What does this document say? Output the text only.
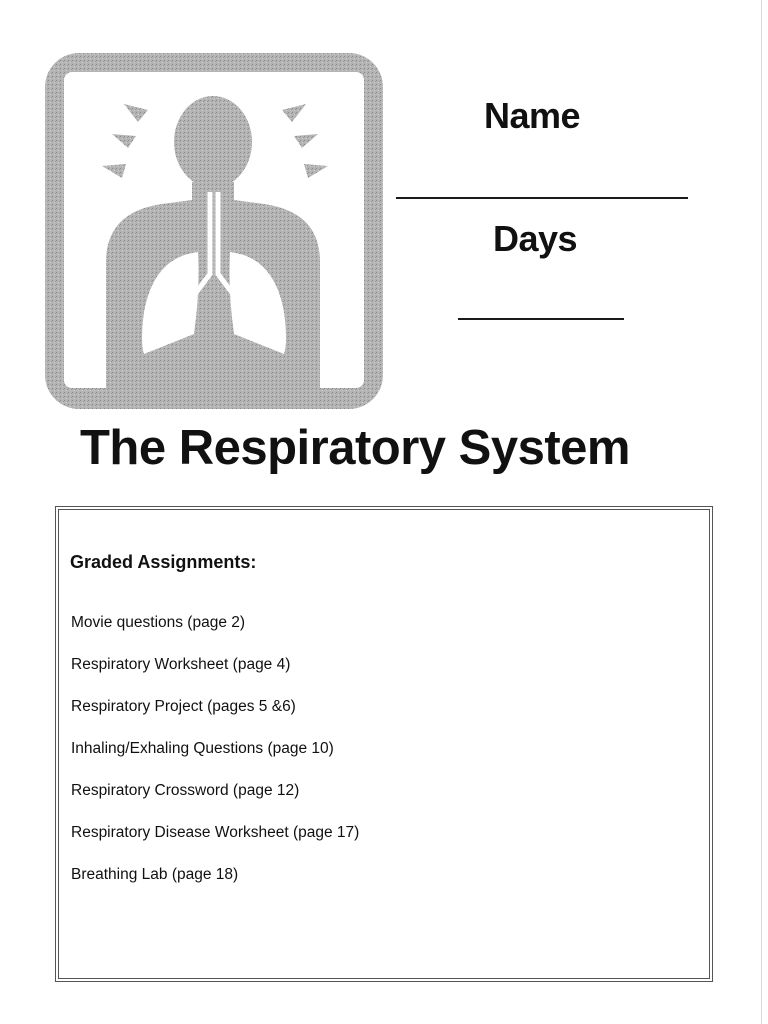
Name
Days
The Respiratory System
Graded Assignments:
Movie questions (page 2)
Respiratory Worksheet (page 4)
Respiratory Project (pages 5 &6)
Inhaling/Exhaling Questions (page 10)
Respiratory Crossword (page 12)
Respiratory Disease Worksheet (page 17)
Breathing Lab (page 18)
